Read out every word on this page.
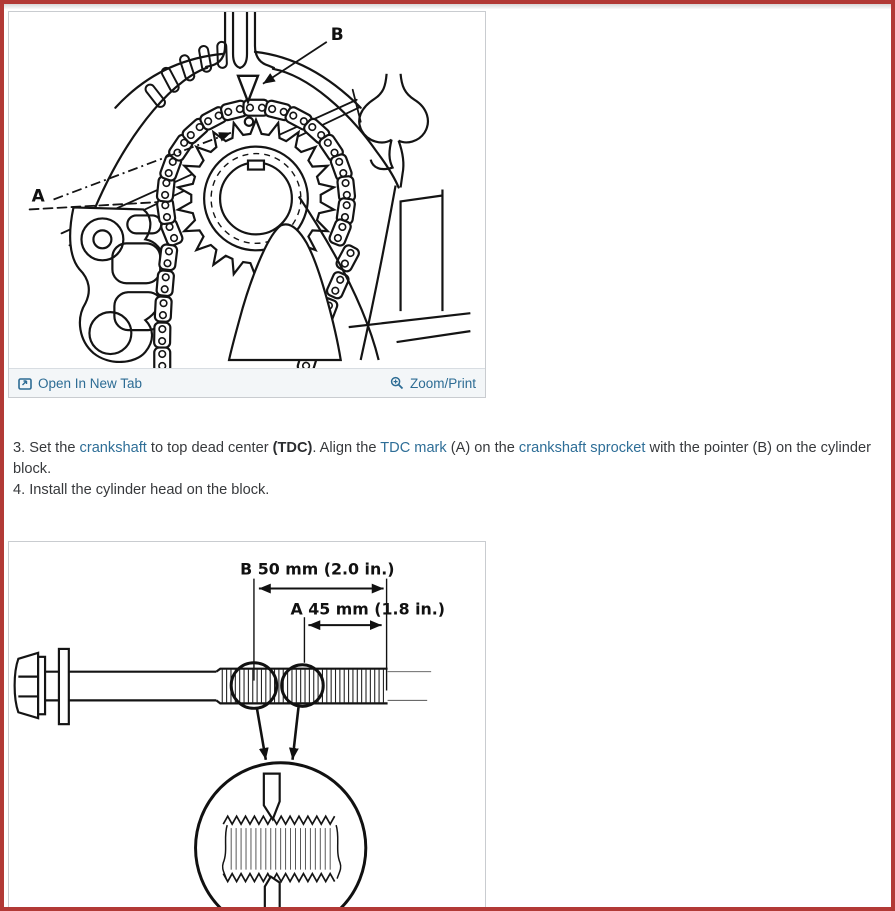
A
B
Open In New Tab	Zoom/Print
3. Set the crankshaft to top dead center (TDC). Align the TDC mark (A) on the crankshaft sprocket with the pointer (B) on the cylinder block.
4. Install the cylinder head on the block.
B 50 mm (2.0 in.)
A 45 mm (1.8 in.)
